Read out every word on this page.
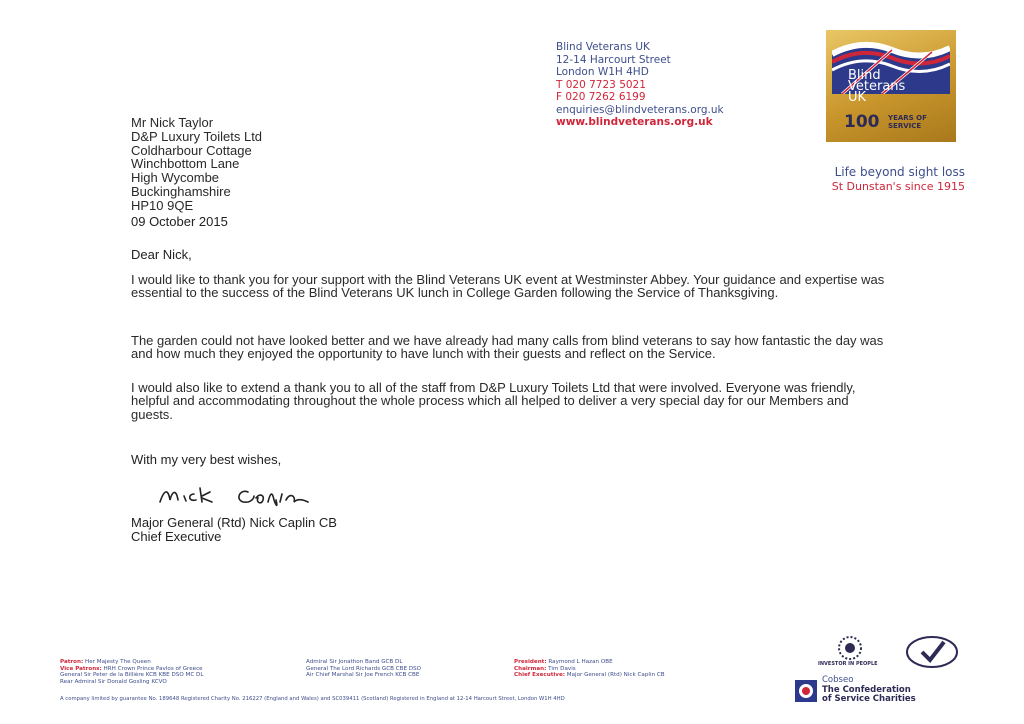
Blind Veterans UK
12-14 Harcourt Street
London W1H 4HD
T 020 7723 5021
F 020 7262 6199
enquiries@blindveterans.org.uk
www.blindveterans.org.uk
Blind
Veterans
UK
100 YEARS OF
SERVICE
Life beyond sight loss
St Dunstan's since 1915
Mr Nick Taylor
D&P Luxury Toilets Ltd
Coldharbour Cottage
Winchbottom Lane
High Wycombe
Buckinghamshire
HP10 9QE
09 October 2015
Dear Nick,
I would like to thank you for your support with the Blind Veterans UK event at Westminster Abbey. Your guidance and expertise was essential to the success of the Blind Veterans UK lunch in College Garden following the Service of Thanksgiving.
The garden could not have looked better and we have already had many calls from blind veterans to say how fantastic the day was and how much they enjoyed the opportunity to have lunch with their guests and reflect on the Service.
I would also like to extend a thank you to all of the staff from D&P Luxury Toilets Ltd that were involved. Everyone was friendly, helpful and accommodating throughout the whole process which all helped to deliver a very special day for our Members and guests.
With my very best wishes,
Major General (Rtd) Nick Caplin CB
Chief Executive
Patron: Her Majesty The Queen
Vice Patrons: HRH Crown Prince Pavlos of Greece
General Sir Peter de la Billière KCB KBE DSO MC DL
Rear Admiral Sir Donald Gosling KCVO
Admiral Sir Jonathon Band GCB DL
General The Lord Richards GCB CBE DSO
Air Chief Marshal Sir Joe French KCB CBE
President: Raymond L Hazan OBE
Chairman: Tim Davis
Chief Executive: Major General (Rtd) Nick Caplin CB
A company limited by guarantee No. 189648 Registered Charity No. 216227 (England and Wales) and SC039411 (Scotland) Registered in England at 12-14 Harcourt Street, London W1H 4HD
INVESTOR IN PEOPLE
Cobseo
The Confederation
of Service Charities
